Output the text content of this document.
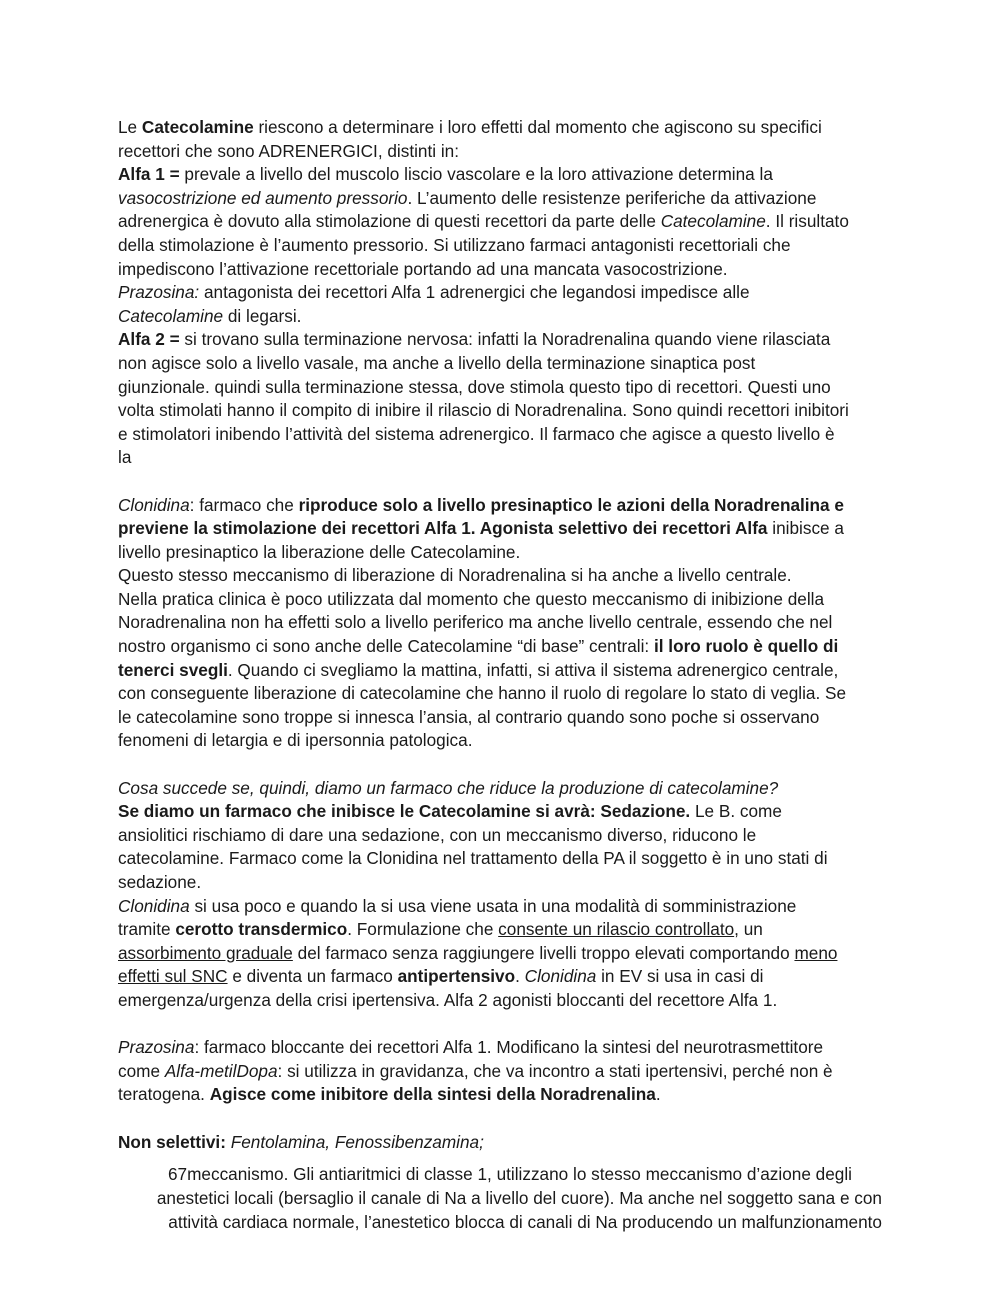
Le Catecolamine riescono a determinare i loro effetti dal momento che agiscono su specifici
recettori che sono ADRENERGICI, distinti in:
Alfa 1 = prevale a livello del muscolo liscio vascolare e la loro attivazione determina la
vasocostrizione ed aumento pressorio. L’aumento delle resistenze periferiche da attivazione
adrenergica è dovuto alla stimolazione di questi recettori da parte delle Catecolamine. Il risultato
della stimolazione è l’aumento pressorio. Si utilizzano farmaci antagonisti recettoriali che
impediscono l’attivazione recettoriale portando ad una mancata vasocostrizione.
Prazosina: antagonista dei recettori Alfa 1 adrenergici che legandosi impedisce alle
Catecolamine di legarsi.
Alfa 2 = si trovano sulla terminazione nervosa: infatti la Noradrenalina quando viene rilasciata
non agisce solo a livello vasale, ma anche a livello della terminazione sinaptica post
giunzionale. quindi sulla terminazione stessa, dove stimola questo tipo di recettori. Questi uno
volta stimolati hanno il compito di inibire il rilascio di Noradrenalina. Sono quindi recettori inibitori
e stimolatori inibendo l’attività del sistema adrenergico. Il farmaco che agisce a questo livello è
la
Clonidina: farmaco che riproduce solo a livello presinaptico le azioni della Noradrenalina e
previene la stimolazione dei recettori Alfa 1. Agonista selettivo dei recettori Alfa inibisce a
livello presinaptico la liberazione delle Catecolamine.
Questo stesso meccanismo di liberazione di Noradrenalina si ha anche a livello centrale.
Nella pratica clinica è poco utilizzata dal momento che questo meccanismo di inibizione della
Noradrenalina non ha effetti solo a livello periferico ma anche livello centrale, essendo che nel
nostro organismo ci sono anche delle Catecolamine “di base” centrali: il loro ruolo è quello di
tenerci svegli. Quando ci svegliamo la mattina, infatti, si attiva il sistema adrenergico centrale,
con conseguente liberazione di catecolamine che hanno il ruolo di regolare lo stato di veglia. Se
le catecolamine sono troppe si innesca l’ansia, al contrario quando sono poche si osservano
fenomeni di letargia e di ipersonnia patologica.
Cosa succede se, quindi, diamo un farmaco che riduce la produzione di catecolamine?
Se diamo un farmaco che inibisce le Catecolamine si avrà: Sedazione. Le B. come
ansiolitici rischiamo di dare una sedazione, con un meccanismo diverso, riducono le
catecolamine. Farmaco come la Clonidina nel trattamento della PA il soggetto è in uno stati di
sedazione.
Clonidina si usa poco e quando la si usa viene usata in una modalità di somministrazione
tramite cerotto transdermico. Formulazione che consente un rilascio controllato, un
assorbimento graduale del farmaco senza raggiungere livelli troppo elevati comportando meno
effetti sul SNC e diventa un farmaco antipertensivo. Clonidina in EV si usa in casi di
emergenza/urgenza della crisi ipertensiva. Alfa 2 agonisti bloccanti del recettore Alfa 1.
Prazosina: farmaco bloccante dei recettori Alfa 1. Modificano la sintesi del neurotrasmettitore
come Alfa-metilDopa: si utilizza in gravidanza, che va incontro a stati ipertensivi, perché non è
teratogena. Agisce come inibitore della sintesi della Noradrenalina.
Non selettivi: Fentolamina, Fenossibenzamina;
67meccanismo. Gli antiaritmici di classe 1, utilizzano lo stesso meccanismo d’azione degli
anestetici locali (bersaglio il canale di Na a livello del cuore). Ma anche nel soggetto sana e con
attività cardiaca normale, l’anestetico blocca di canali di Na producendo un malfunzionamento
